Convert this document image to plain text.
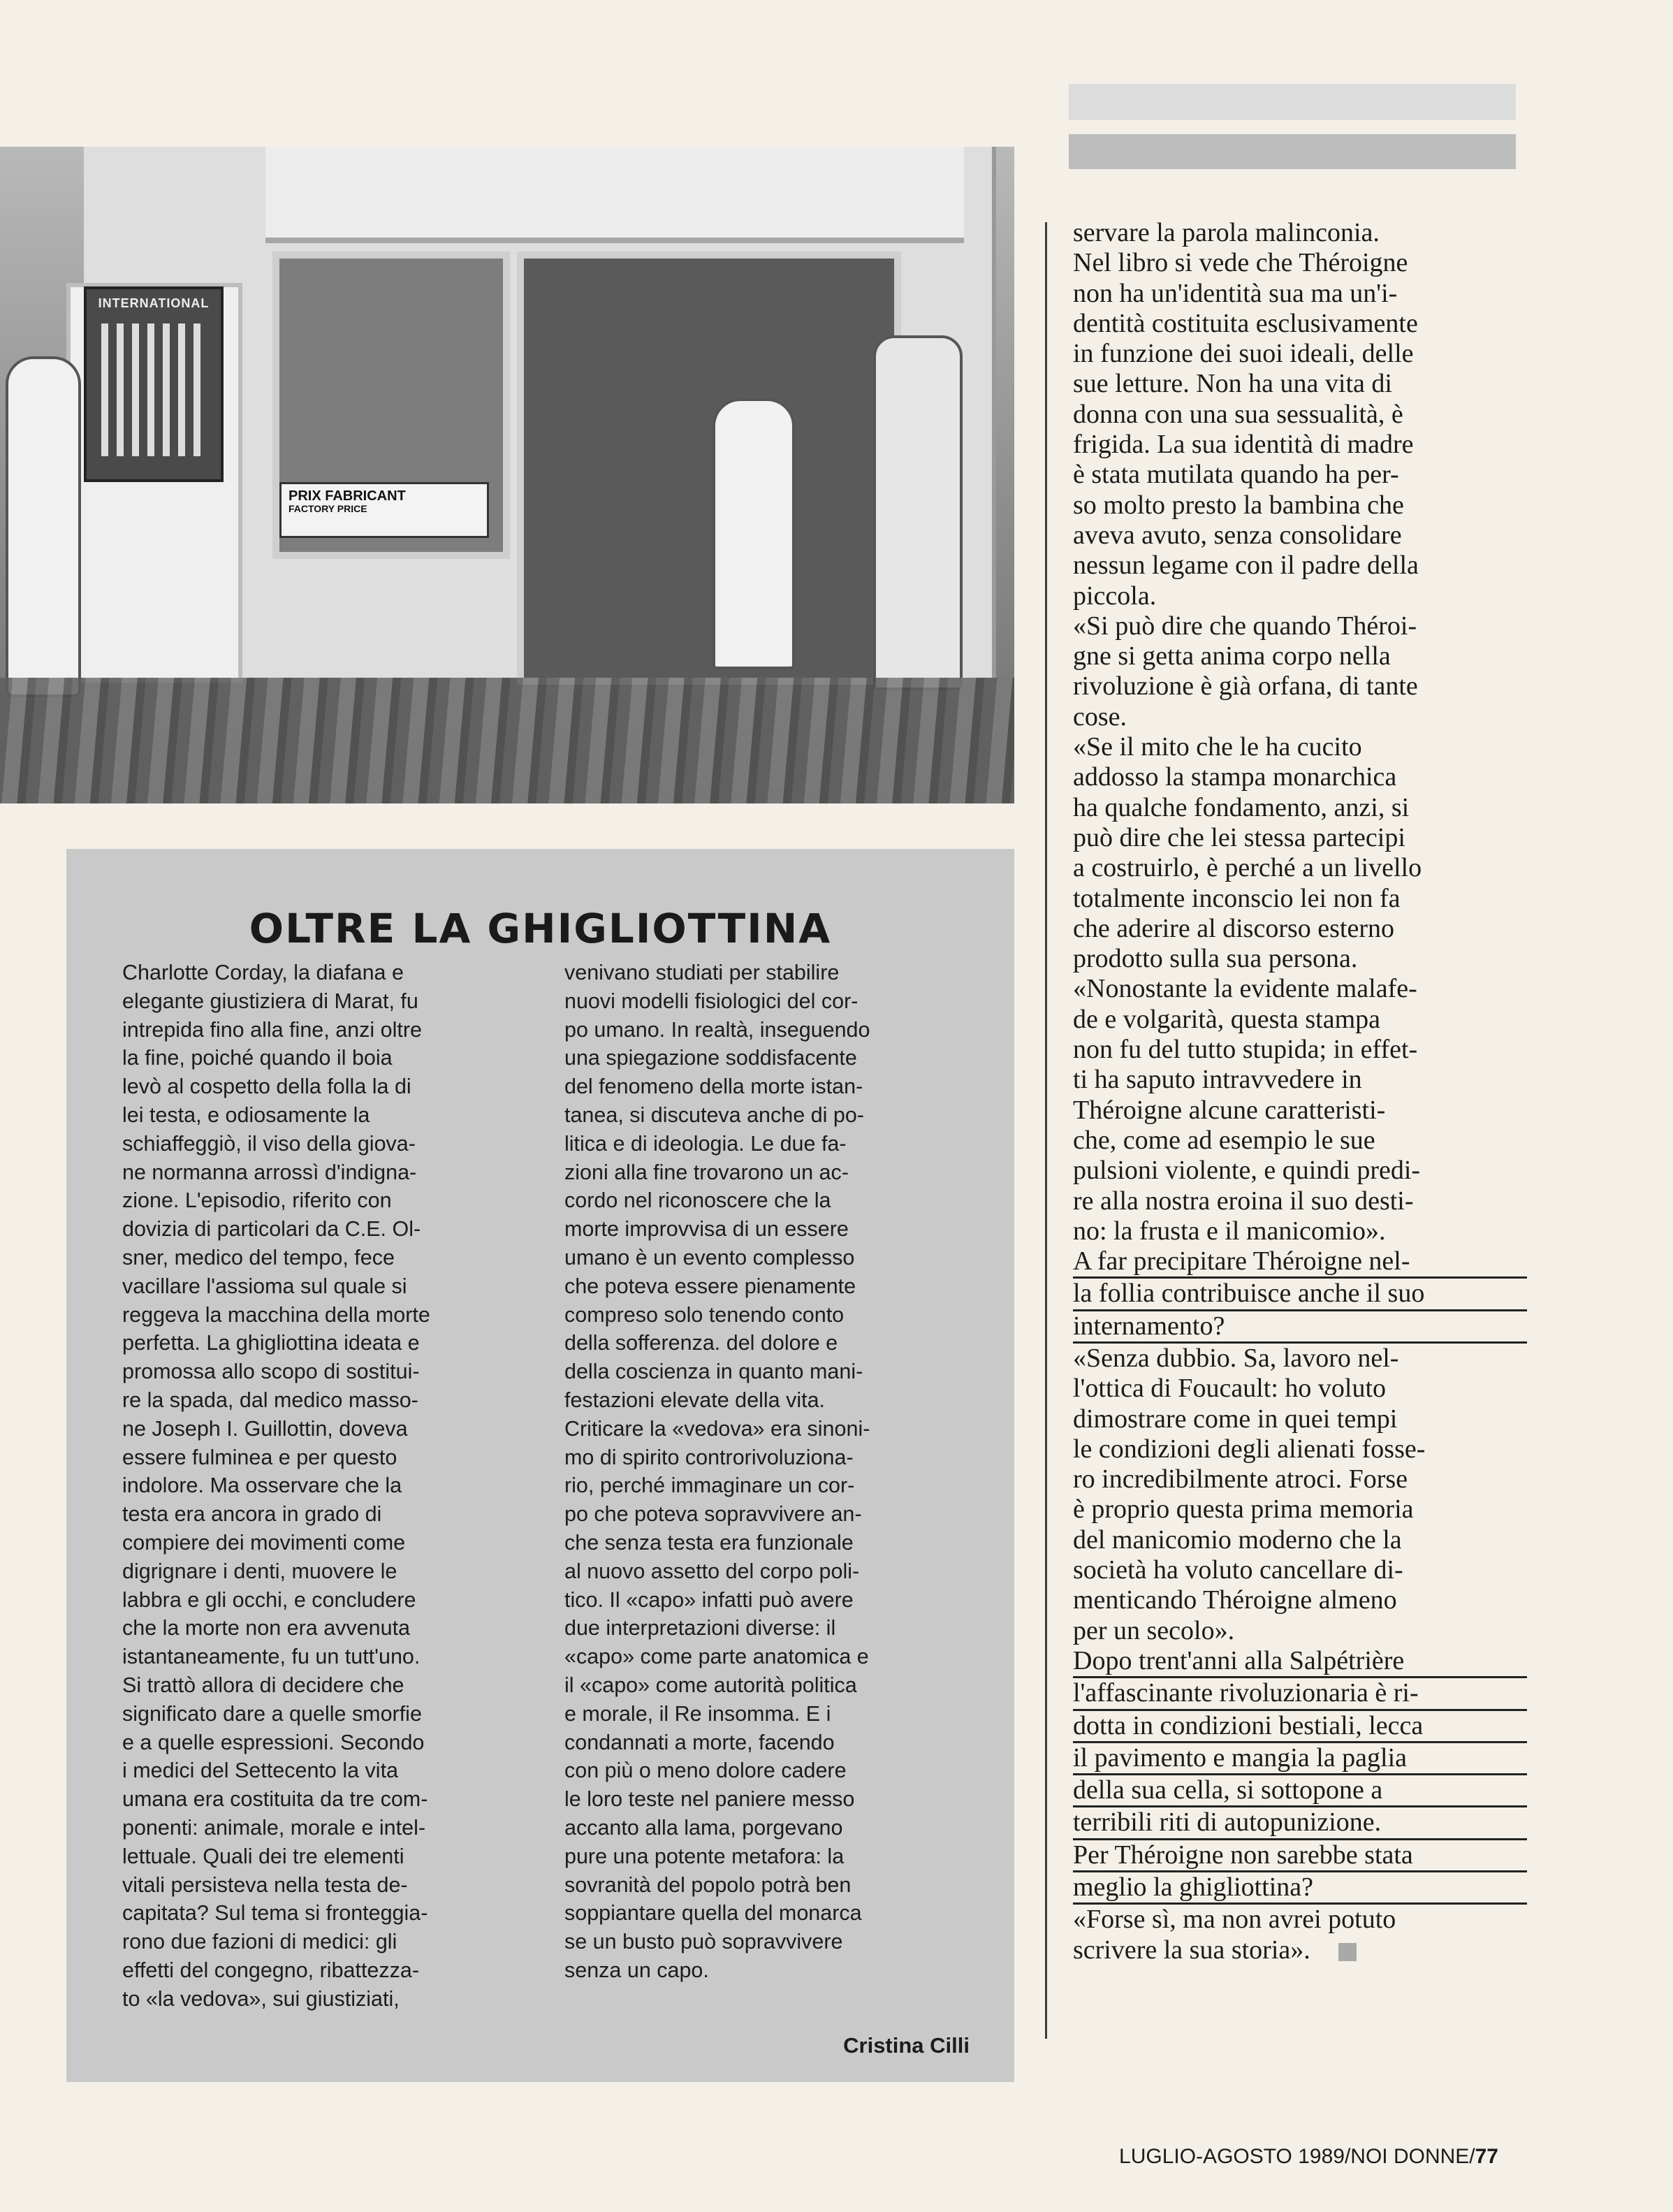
INTERNATIONAL
PRIX FABRICANT
FACTORY PRICE
OLTRE LA GHIGLIOTTINA

Charlotte Corday, la diafana e

elegante giustiziera di Marat, fu

intrepida fino alla fine, anzi oltre

la fine, poiché quando il boia

levò al cospetto della folla la di

lei testa, e odiosamente la

schiaffeggiò, il viso della giova-

ne normanna arrossì d'indigna-

zione. L'episodio, riferito con

dovizia di particolari da C.E. Ol-

sner, medico del tempo, fece

vacillare l'assioma sul quale si

reggeva la macchina della morte

perfetta. La ghigliottina ideata e

promossa allo scopo di sostitui-

re la spada, dal medico masso-

ne Joseph I. Guillottin, doveva

essere fulminea e per questo

indolore. Ma osservare che la

testa era ancora in grado di

compiere dei movimenti come

digrignare i denti, muovere le

labbra e gli occhi, e concludere

che la morte non era avvenuta

istantaneamente, fu un tutt'uno.

Si trattò allora di decidere che

significato dare a quelle smorfie

e a quelle espressioni. Secondo

i medici del Settecento la vita

umana era costituita da tre com-

ponenti: animale, morale e intel-

lettuale. Quali dei tre elementi

vitali persisteva nella testa de-

capitata? Sul tema si fronteggia-

rono due fazioni di medici: gli

effetti del congegno, ribattezza-

to «la vedova», sui giustiziati,

venivano studiati per stabilire

nuovi modelli fisiologici del cor-

po umano. In realtà, inseguendo

una spiegazione soddisfacente

del fenomeno della morte istan-

tanea, si discuteva anche di po-

litica e di ideologia. Le due fa-

zioni alla fine trovarono un ac-

cordo nel riconoscere che la

morte improvvisa di un essere

umano è un evento complesso

che poteva essere pienamente

compreso solo tenendo conto

della sofferenza. del dolore e

della coscienza in quanto mani-

festazioni elevate della vita.

Criticare la «vedova» era sinoni-

mo di spirito controrivoluziona-

rio, perché immaginare un cor-

po che poteva sopravvivere an-

che senza testa era funzionale

al nuovo assetto del corpo poli-

tico. Il «capo» infatti può avere

due interpretazioni diverse: il

«capo» come parte anatomica e

il «capo» come autorità politica

e morale, il Re insomma. E i

condannati a morte, facendo

con più o meno dolore cadere

le loro teste nel paniere messo

accanto alla lama, porgevano

pure una potente metafora: la

sovranità del popolo potrà ben

soppiantare quella del monarca

se un busto può sopravvivere

senza un capo.

Cristina Cilli

servare la parola malinconia.
Nel libro si vede che Théroigne
non ha un'identità sua ma un'i-
dentità costituita esclusivamente
in funzione dei suoi ideali, delle
sue letture. Non ha una vita di
donna con una sua sessualità, è
frigida. La sua identità di madre
è stata mutilata quando ha per-
so molto presto la bambina che
aveva avuto, senza consolidare
nessun legame con il padre della
piccola.

«Si può dire che quando Théroi-
gne si getta anima corpo nella
rivoluzione è già orfana, di tante
cose.

«Se il mito che le ha cucito
addosso la stampa monarchica
ha qualche fondamento, anzi, si
può dire che lei stessa partecipi
a costruirlo, è perché a un livello
totalmente inconscio lei non fa
che aderire al discorso esterno
prodotto sulla sua persona.

«Nonostante la evidente malafe-
de e volgarità, questa stampa
non fu del tutto stupida; in effet-
ti ha saputo intravvedere in
Théroigne alcune caratteristi-
che, come ad esempio le sue
pulsioni violente, e quindi predi-
re alla nostra eroina il suo desti-
no: la frusta e il manicomio».

A far precipitare Théroigne nel-
la follia contribuisce anche il suo
internamento?

«Senza dubbio. Sa, lavoro nel-
l'ottica di Foucault: ho voluto
dimostrare come in quei tempi
le condizioni degli alienati fosse-
ro incredibilmente atroci. Forse
è proprio questa prima memoria
del manicomio moderno che la
società ha voluto cancellare di-
menticando Théroigne almeno
per un secolo».

Dopo trent'anni alla Salpétrière
l'affascinante rivoluzionaria è ri-
dotta in condizioni bestiali, lecca
il pavimento e mangia la paglia
della sua cella, si sottopone a
terribili riti di autopunizione.
Per Théroigne non sarebbe stata
meglio la ghigliottina?

«Forse sì, ma non avrei potuto
scrivere la sua storia».

LUGLIO-AGOSTO 1989/NOI DONNE/77
